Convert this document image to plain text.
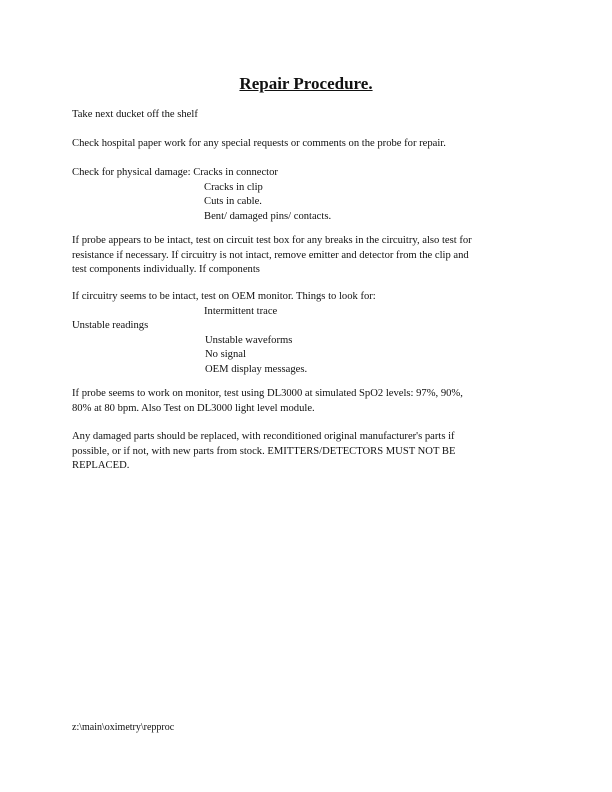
Repair Procedure.

Take next ducket off the shelf

Check hospital paper work for any special requests or comments on the probe for repair.

Check for physical damage: Cracks in connector
Cracks in clip
Cuts in cable.
Bent/ damaged pins/ contacts.
If probe appears to be intact, test on circuit test box for any breaks in the circuitry, also test for
resistance if necessary. If circuitry is not intact, remove emitter and detector from the clip and
test components individually. If components
If circuitry seems to be intact, test on OEM monitor. Things to look for:
Intermittent trace
Unstable readings
Unstable waveforms
No signal
OEM display messages.
If probe seems to work on monitor, test using DL3000 at simulated SpO2 levels: 97%, 90%,
80% at 80 bpm. Also Test on DL3000 light level module.
Any damaged parts should be replaced, with reconditioned original manufacturer's parts if
possible, or if not, with new parts from stock. EMITTERS/DETECTORS MUST NOT BE
REPLACED.
z:\main\oximetry\repproc
